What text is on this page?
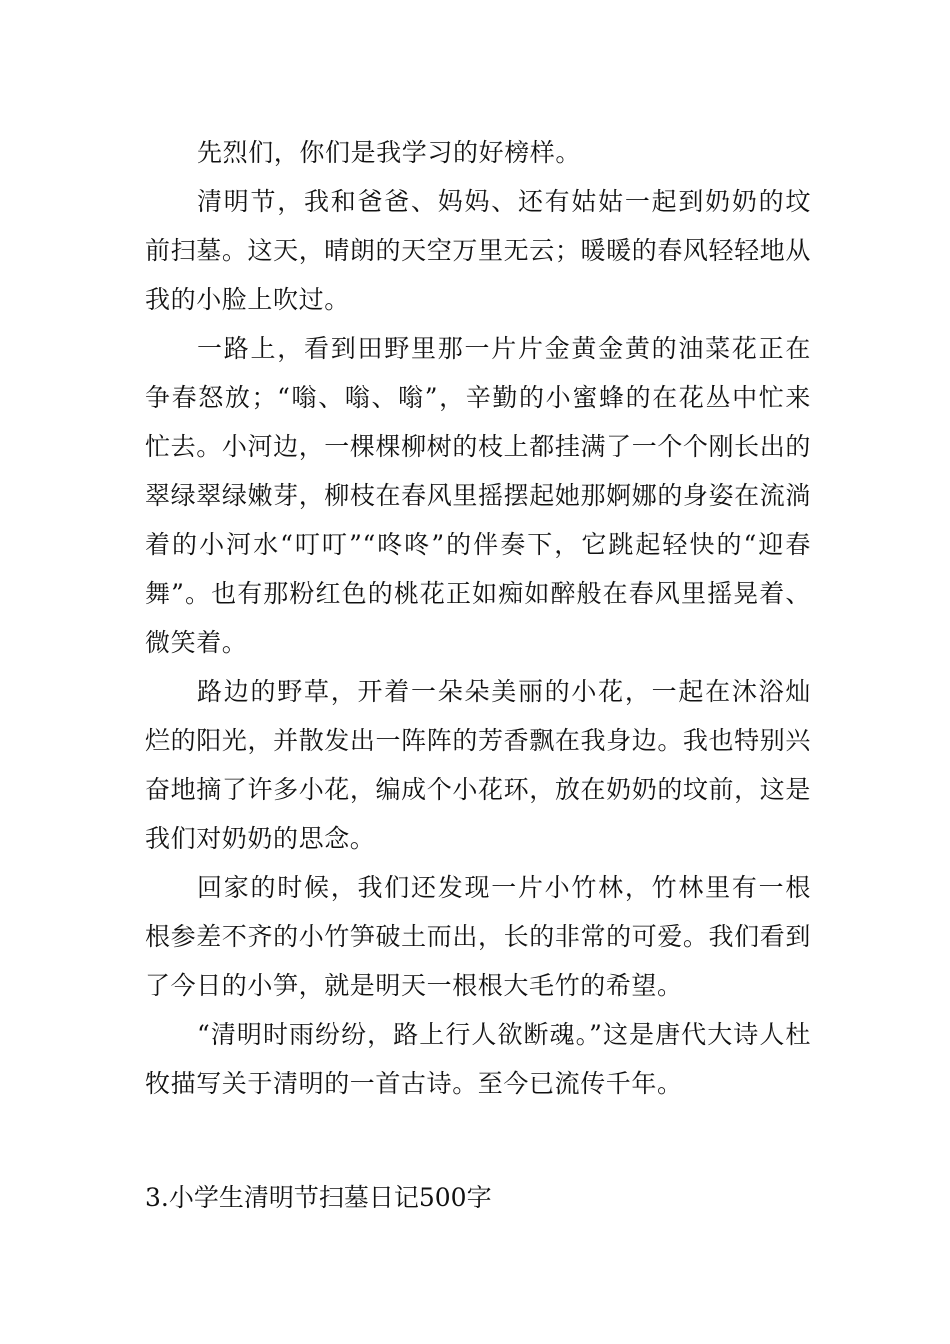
先烈们，你们是我学习的好榜样。

清明节，我和爸爸、妈妈、还有姑姑一起到奶奶的坟前扫墓。这天，晴朗的天空万里无云；暖暖的春风轻轻地从我的小脸上吹过。

一路上，看到田野里那一片片金黄金黄的油菜花正在争春怒放；“嗡、嗡、嗡”，辛勤的小蜜蜂的在花丛中忙来忙去。小河边，一棵棵柳树的枝上都挂满了一个个刚长出的翠绿翠绿嫩芽，柳枝在春风里摇摆起她那婀娜的身姿在流淌着的小河水“叮叮”“咚咚”的伴奏下，它跳起轻快的“迎春舞”。也有那粉红色的桃花正如痴如醉般在春风里摇晃着、微笑着。

路边的野草，开着一朵朵美丽的小花，一起在沐浴灿烂的阳光，并散发出一阵阵的芳香飘在我身边。我也特别兴奋地摘了许多小花，编成个小花环，放在奶奶的坟前，这是我们对奶奶的思念。

回家的时候，我们还发现一片小竹林，竹林里有一根根参差不齐的小竹笋破土而出，长的非常的可爱。我们看到了今日的小笋，就是明天一根根大毛竹的希望。

“清明时雨纷纷，路上行人欲断魂。”这是唐代大诗人杜牧描写关于清明的一首古诗。至今已流传千年。

3.小学生清明节扫墓日记500字
